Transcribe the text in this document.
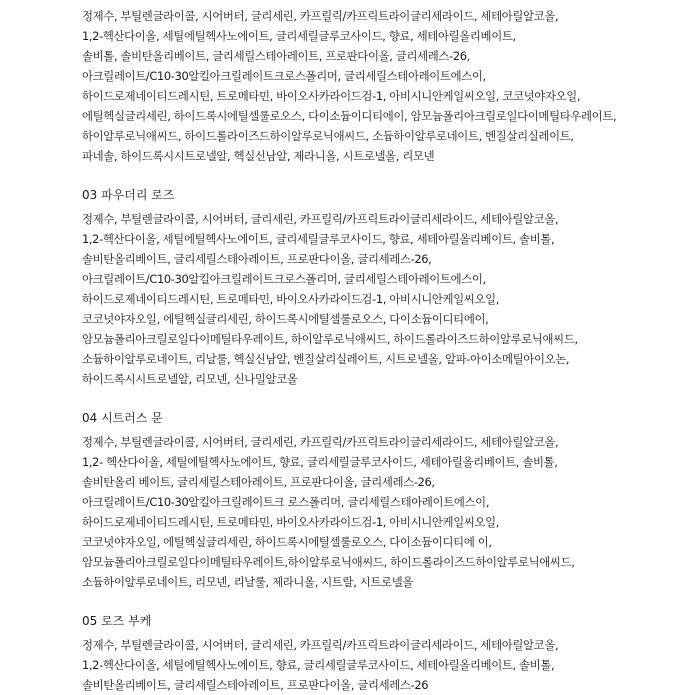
정제수, 부틸렌글라이콜, 시어버터, 글리세린, 카프릴릭/카프릭트라이글리세라이드, 세테아릴알코올,
1,2-헥산다이올, 세틸에틸헥사노에이트, 글리세릴글루코사이드, 향료, 세테아릴올리베이트,
솔비톨, 솔비탄올리베이트, 글리세릴스테아레이트, 프로판다이올, 글리세레스-26,
아크릴레이트/C10-30알킬아크릴레이트크로스폴리머, 글리세릴스테아레이트에스이,
하이드로제네이티드레시틴, 트로메타민, 바이오사카라이드검-1, 아비시니안케일씨오일, 코코넛야자오일,
에틸헥실글리세린, 하이드록시에틸셀룰로오스, 다이소듐이디티에이, 암모늄폴리아크릴로일다이메틸타우레이트,
하이알루로닉애씨드, 하이드롤라이즈드하이알루로닉애씨드, 소듐하이알루로네이트, 벤질살리실레이트,
파네솔, 하이드록시시트로넬알, 헥실신남알, 제라니올, 시트로넬올, 리모넨
03 파우더리 로즈
정제수, 부틸렌글라이콜, 시어버터, 글리세린, 카프릴릭/카프릭트라이글리세라이드, 세테아릴알코올,
1,2-헥산다이올, 세틸에틸헥사노에이트, 글리세릴글루코사이드, 향료, 세테아릴올리베이트, 솔비톨,
솔비탄올리베이트, 글리세릴스테아레이트, 프로판다이올, 글리세레스-26,
아크릴레이트/C10-30알킬아크릴레이트크로스폴리머, 글리세릴스테아레이트에스이,
하이드로제네이티드레시틴, 트로메타민, 바이오사카라이드검-1, 아비시니안케일씨오일,
코코넛야자오일, 에틸헥실글리세린, 하이드록시에틸셀룰로오스, 다이소듐이디티에이,
암모늄폴리아크릴로일다이메틸타우레이트, 하이알루로닉애씨드, 하이드롤라이즈드하이알루로닉애씨드,
소듐하이알루로네이트, 리날룰, 헥실신남알, 벤질살리실레이트, 시트로넬올, 알파-아이소메틸아이오논,
하이드록시시트로넬알, 리모넨, 신나밀알코올
04 시트러스 문
정제수, 부틸렌글라이콜, 시어버터, 글리세린, 카프릴릭/카프릭트라이글리세라이드, 세테아릴알코올,
1,2- 헥산다이올, 세틸에틸헥사노에이트, 향료, 글리세릴글루코사이드, 세테아릴올리베이트, 솔비톨,
솔비탄올리 베이트, 글리세릴스테아레이트, 프로판다이올, 글리세레스-26,
아크릴레이트/C10-30알킬아크릴레이트크 로스폴리머, 글리세릴스테아레이트에스이,
하이드로제네이티드레시틴, 트로메타민, 바이오사카라이드검-1, 아비시니안케일씨오일,
코코넛야자오일, 에틸헥실글리세린, 하이드록시에틸셀룰로오스, 다이소듐이디티에 이,
암모늄폴리아크릴로일다이메틸타우레이트,하이알루로닉애씨드, 하이드롤라이즈드하이알루로닉애씨드,
소듐하이알루로네이트, 리모넨, 리날룰, 제라니올, 시트랄, 시트로넬올
05 로즈 부케
정제수, 부틸렌글라이콜, 시어버터, 글리세린, 카프릴릭/카프릭트라이글리세라이드, 세테아릴알코올,
1,2-헥산다이올, 세틸에틸헥사노에이트, 향료, 글리세릴글루코사이드, 세테아릴올리베이트, 솔비톨,
솔비탄올리베이트, 글리세릴스테아레이트, 프로판다이올, 글리세레스-26
